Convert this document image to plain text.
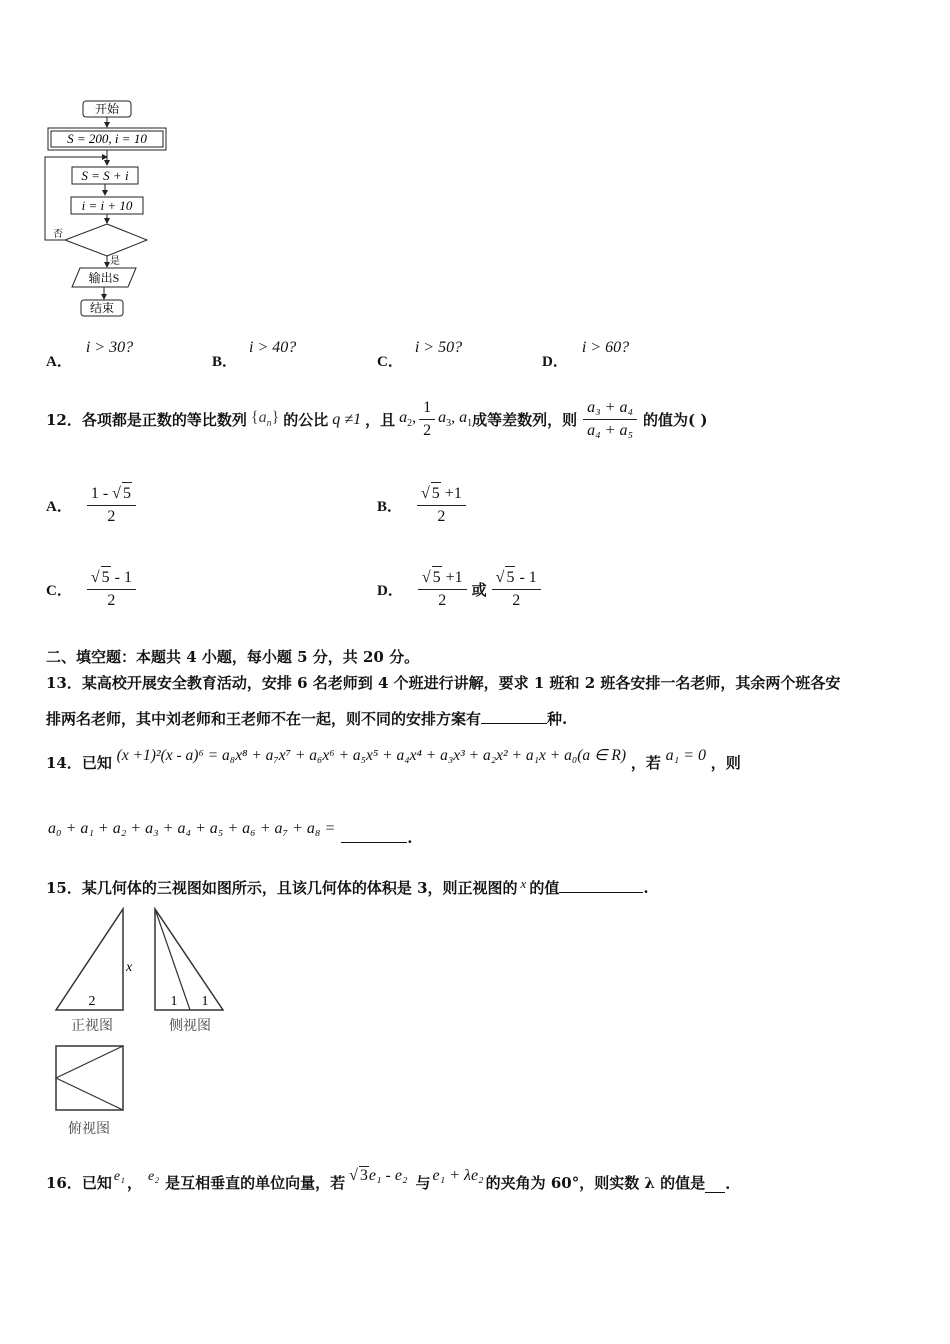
开始
S = 200, i = 10
S = S + i
i = i + 10
否
是
输出S
结束
A．i > 30?
B．i > 40?
C．i > 50?
D．i > 60?
12． 各项都是正数的等比数列 $\{a_n\}$ 的公比 q ≠1 ，且 $a_2$, $\frac{1}{2} a_3$, $a_1$ 成等差数列，则 $\frac{\text{a₃ + a₄}}{\text{a₄ + a₅}}$ 的值为( )
A． $\frac{1 - √ 5}{2}$	B． $\frac{√ 5 +1}{2}$
C． $\frac{√ 5 - 1}{2}$	D． $\frac{√ 5 +1}{2}$ 或 $\frac{√ 5 - 1}{2}$
二、填空题：本题共 4 小题，每小题 5 分，共 20 分。
13．某高校开展安全教育活动，安排 6 名老师到 4 个班进行讲解，要求 1 班和 2 班各安排一名老师，其余两个班各安
排两名老师，其中刘老师和王老师不在一起，则不同的安排方案有	种.
14．已知 (x +1)²(x - a)⁶ = a₈x⁸ + a₇x⁷ + a₆x⁶ + a₅x⁵ + a₄x⁴ + a₃x³ + a₂x² + a₁x + a₀(a ∈ R) ，若 a₁ = 0 ，则
a₀ + a₁ + a₂ + a₃ + a₄ + a₅ + a₆ + a₇ + a₈ =.
15．某几何体的三视图如图所示，且该几何体的体积是 3，则正视图的 x 的值	.
2
x
1 1
正视图	侧视图
俯视图
16．已知 e₁ ， e₂ 是互相垂直的单位向量，若 √ 3e₁ - e₂ 与 e₁ + λe₂ 的夹角为 60°，则实数 λ 的值是 .
